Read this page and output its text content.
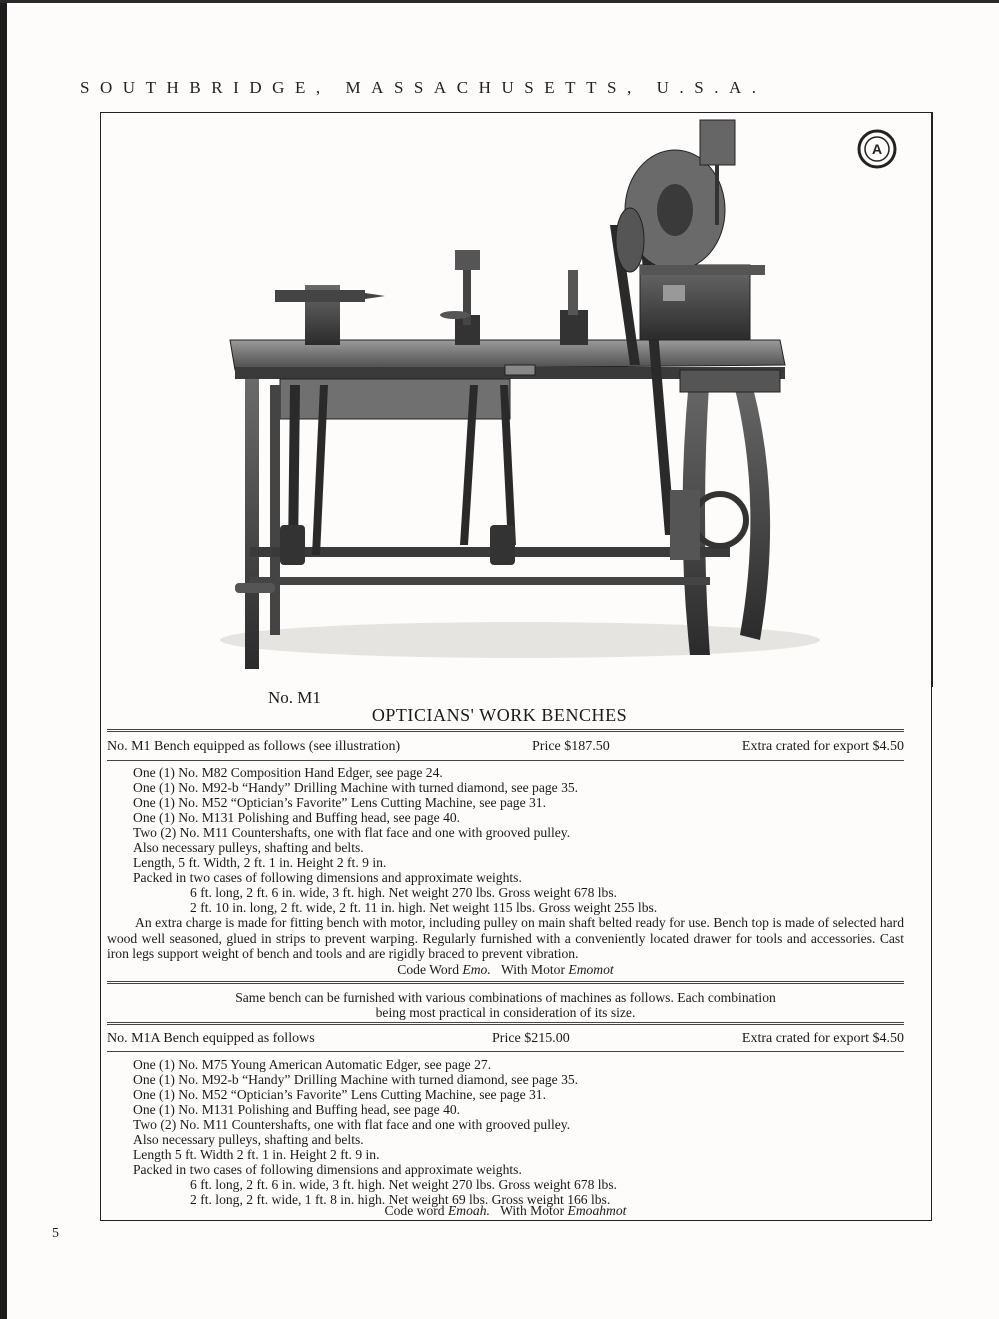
SOUTHBRIDGE, MASSACHUSETTS, U.S.A.
A
No. M1
OPTICIANS' WORK BENCHES
No. M1 Bench equipped as follows (see illustration)	Price $187.50	Extra crated for export $4.50
One (1) No. M82 Composition Hand Edger, see page 24.
One (1) No. M92-b “Handy” Drilling Machine with turned diamond, see page 35.
One (1) No. M52 “Optician’s Favorite” Lens Cutting Machine, see page 31.
One (1) No. M131 Polishing and Buffing head, see page 40.
Two (2) No. M11 Countershafts, one with flat face and one with grooved pulley.
Also necessary pulleys, shafting and belts.
Length, 5 ft. Width, 2 ft. 1 in. Height 2 ft. 9 in.
Packed in two cases of following dimensions and approximate weights.
6 ft. long, 2 ft. 6 in. wide, 3 ft. high. Net weight 270 lbs. Gross weight 678 lbs.
2 ft. 10 in. long, 2 ft. wide, 2 ft. 11 in. high. Net weight 115 lbs. Gross weight 255 lbs.
An extra charge is made for fitting bench with motor, including pulley on main shaft belted ready for use. Bench top is made of selected hard wood well seasoned, glued in strips to prevent warping. Regularly furnished with a conveniently located drawer for tools and accessories. Cast iron legs support weight of bench and tools and are rigidly braced to prevent vibration.
Code Word Emo. With Motor Emomot
Same bench can be furnished with various combinations of machines as follows. Each combination
being most practical in consideration of its size.
No. M1A Bench equipped as follows	Price $215.00	Extra crated for export $4.50
One (1) No. M75 Young American Automatic Edger, see page 27.
One (1) No. M92-b “Handy” Drilling Machine with turned diamond, see page 35.
One (1) No. M52 “Optician’s Favorite” Lens Cutting Machine, see page 31.
One (1) No. M131 Polishing and Buffing head, see page 40.
Two (2) No. M11 Countershafts, one with flat face and one with grooved pulley.
Also necessary pulleys, shafting and belts.
Length 5 ft. Width 2 ft. 1 in. Height 2 ft. 9 in.
Packed in two cases of following dimensions and approximate weights.
6 ft. long, 2 ft. 6 in. wide, 3 ft. high. Net weight 270 lbs. Gross weight 678 lbs.
2 ft. long, 2 ft. wide, 1 ft. 8 in. high. Net weight 69 lbs. Gross weight 166 lbs.
Code word Emoah. With Motor Emoahmot
5
